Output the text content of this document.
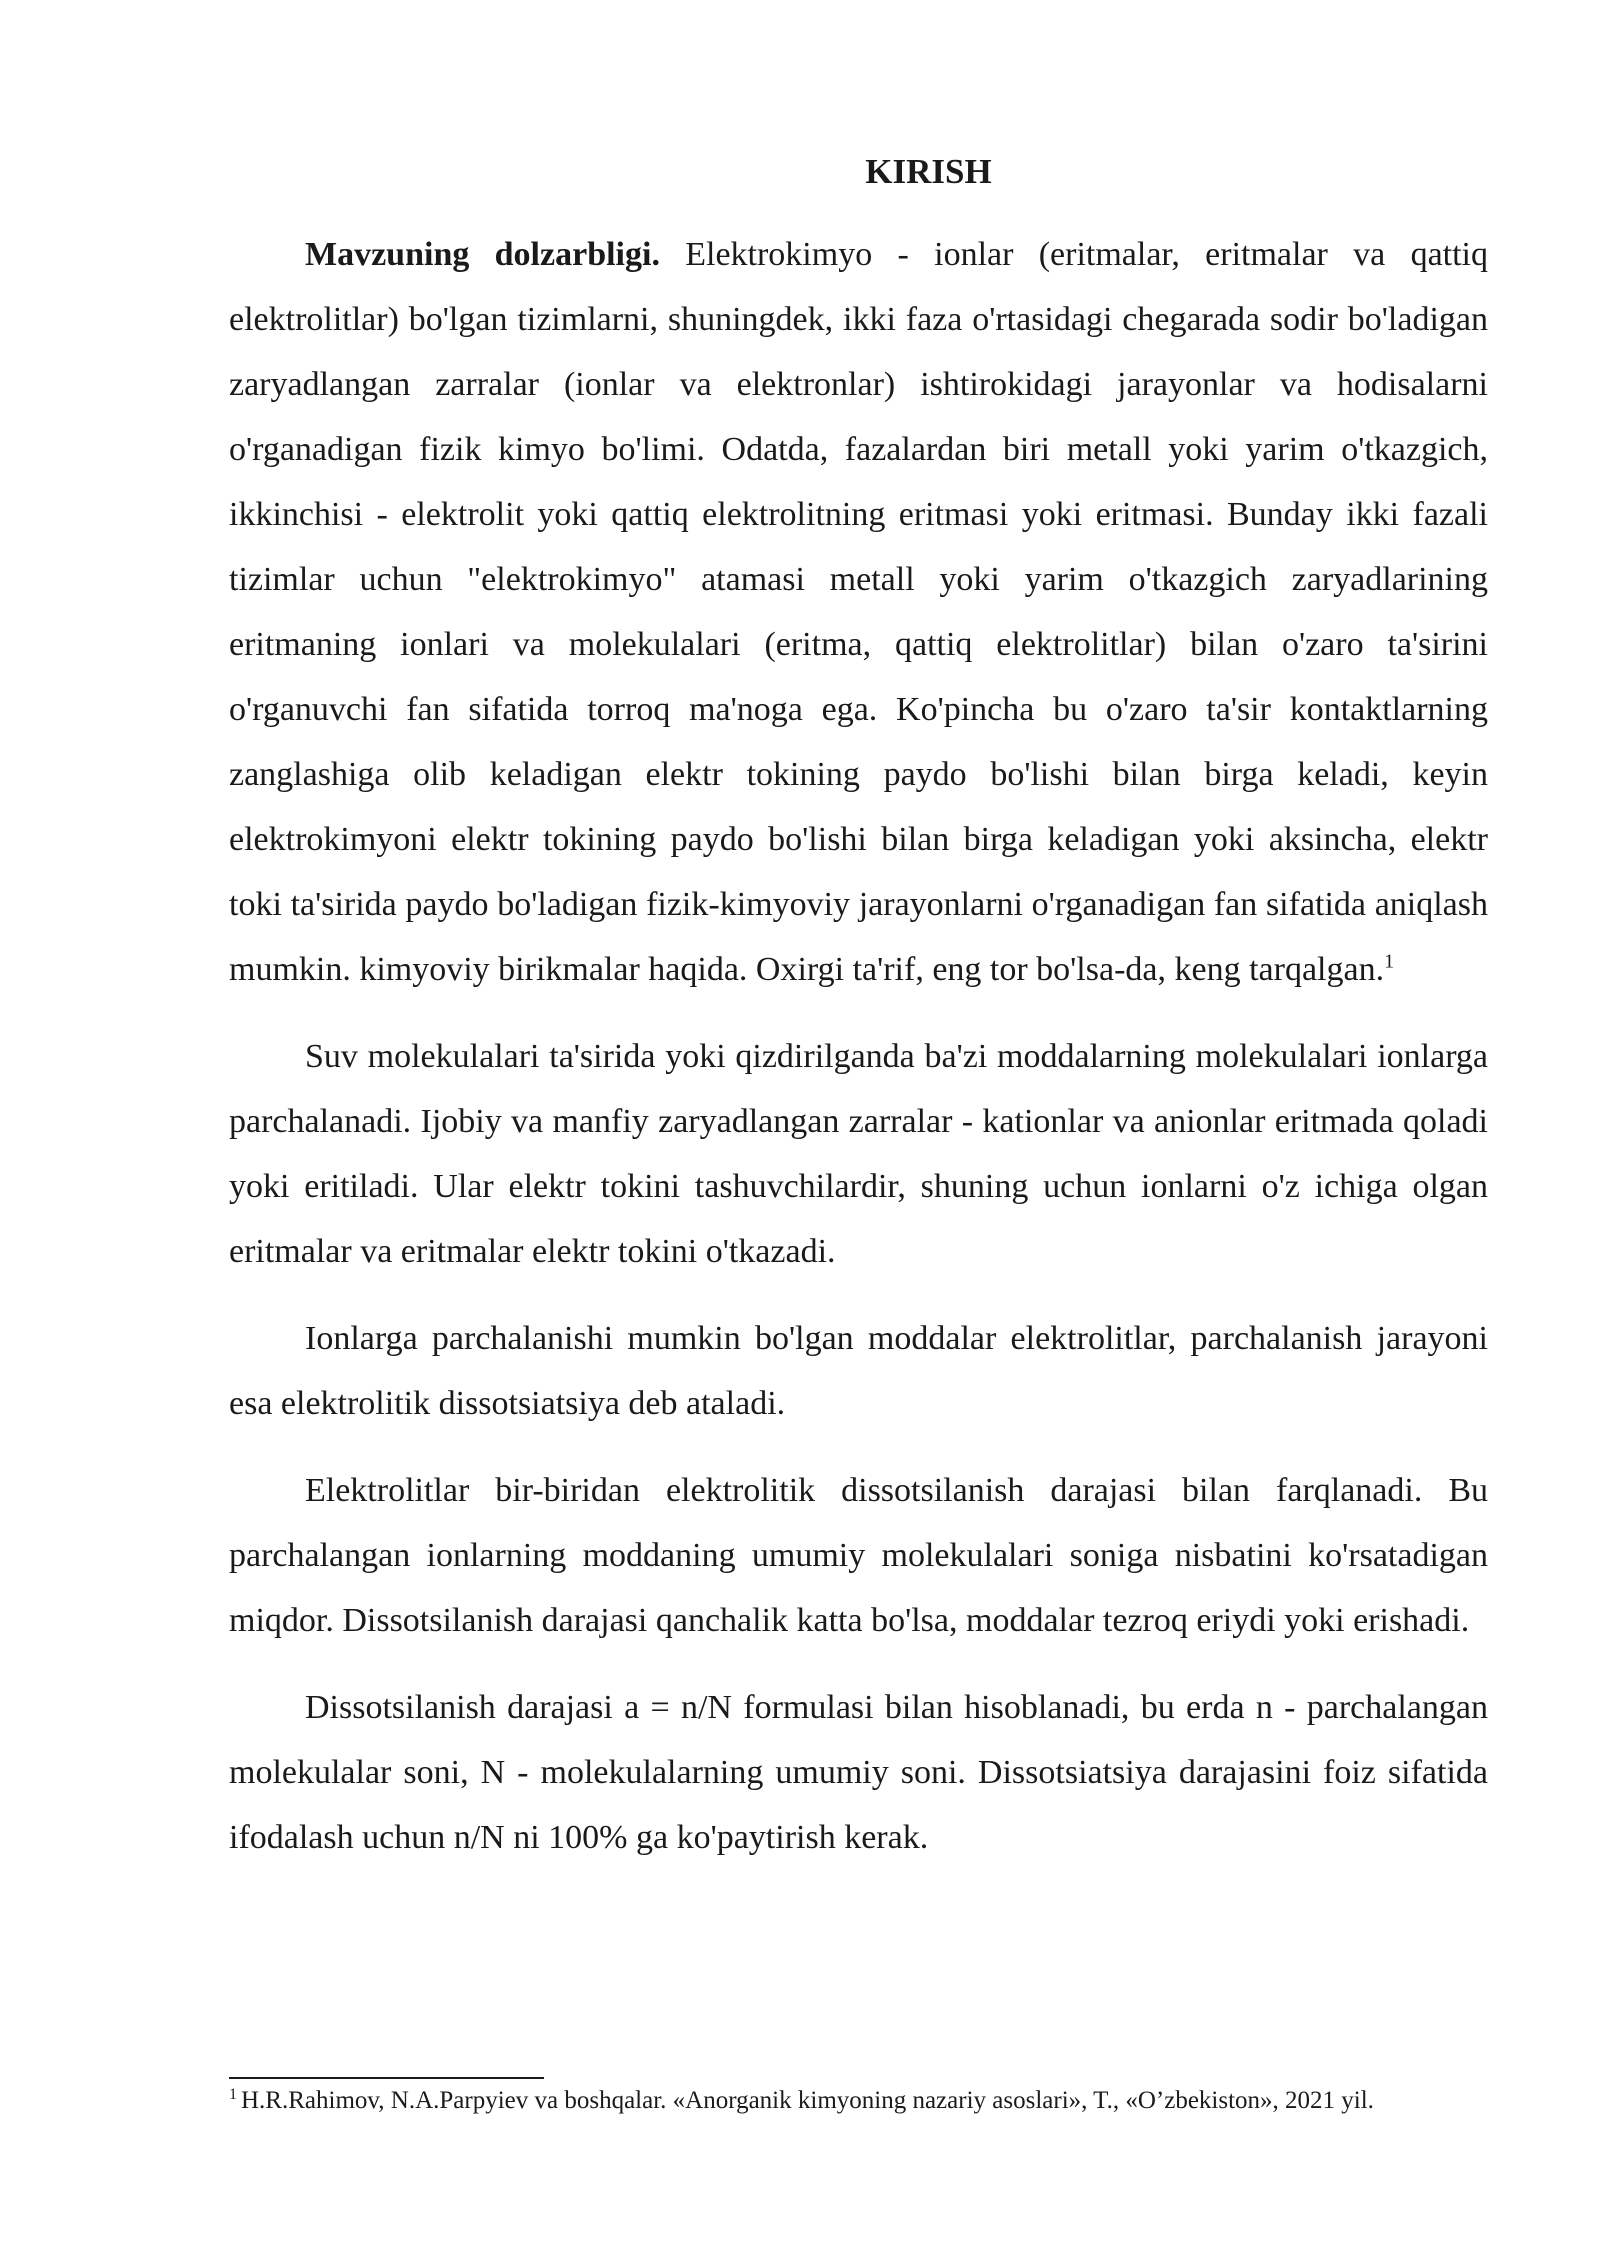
KIRISH

Mavzuning dolzarbligi. Elektrokimyo - ionlar (eritmalar, eritmalar va qattiq elektrolitlar) bo'lgan tizimlarni, shuningdek, ikki faza o'rtasidagi chegarada sodir bo'ladigan zaryadlangan zarralar (ionlar va elektronlar) ishtirokidagi jarayonlar va hodisalarni o'rganadigan fizik kimyo bo'limi. Odatda, fazalardan biri metall yoki yarim o'tkazgich, ikkinchisi - elektrolit yoki qattiq elektrolitning eritmasi yoki eritmasi. Bunday ikki fazali tizimlar uchun "elektrokimyo" atamasi metall yoki yarim o'tkazgich zaryadlarining eritmaning ionlari va molekulalari (eritma, qattiq elektrolitlar) bilan o'zaro ta'sirini o'rganuvchi fan sifatida torroq ma'noga ega. Ko'pincha bu o'zaro ta'sir kontaktlarning zanglashiga olib keladigan elektr tokining paydo bo'lishi bilan birga keladi, keyin elektrokimyoni elektr tokining paydo bo'lishi bilan birga keladigan yoki aksincha, elektr toki ta'sirida paydo bo'ladigan fizik-kimyoviy jarayonlarni o'rganadigan fan sifatida aniqlash mumkin. kimyoviy birikmalar haqida. Oxirgi ta'rif, eng tor bo'lsa-da, keng tarqalgan.$^1$

Suv molekulalari ta'sirida yoki qizdirilganda ba'zi moddalarning molekulalari ionlarga parchalanadi. Ijobiy va manfiy zaryadlangan zarralar - kationlar va anionlar eritmada qoladi yoki eritiladi. Ular elektr tokini tashuvchilardir, shuning uchun ionlarni o'z ichiga olgan eritmalar va eritmalar elektr tokini o'tkazadi.

Ionlarga parchalanishi mumkin bo'lgan moddalar elektrolitlar, parchalanish jarayoni esa elektrolitik dissotsiatsiya deb ataladi.

Elektrolitlar bir-biridan elektrolitik dissotsilanish darajasi bilan farqlanadi. Bu parchalangan ionlarning moddaning umumiy molekulalari soniga nisbatini ko'rsatadigan miqdor. Dissotsilanish darajasi qanchalik katta bo'lsa, moddalar tezroq eriydi yoki erishadi.

Dissotsilanish darajasi a = n/N formulasi bilan hisoblanadi, bu erda n - parchalangan molekulalar soni, N - molekulalarning umumiy soni. Dissotsiatsiya darajasini foiz sifatida ifodalash uchun n/N ni 100% ga ko'paytirish kerak.

$^1$ H.R.Rahimov, N.A.Parpyiev va boshqalar. «Anorganik kimyoning nazariy asoslari», T., «O’zbekiston», 2021 yil.
